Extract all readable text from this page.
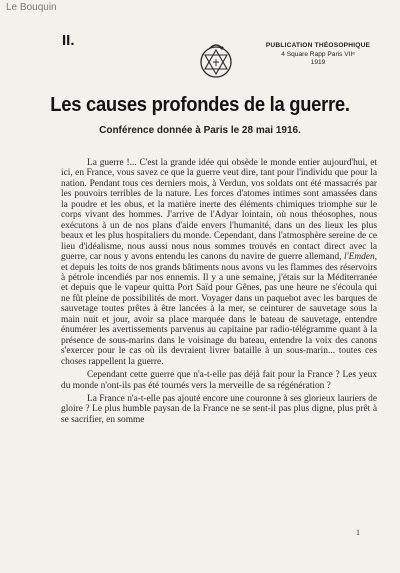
Le Bouquin
II.	PUBLICATION THÉOSOPHIQUE
4 Square Rapp Paris VIIᵉ
1919
Les causes profondes de la guerre.
Conférence donnée à Paris le 28 mai 1916.

La guerre !... C'est la grande idée qui obsède le monde entier aujourd'hui, et ici, en France, vous savez ce que la guerre veut dire, tant pour l'individu que pour la nation. Pendant tous ces derniers mois, à Verdun, vos soldats ont été massacrés par les pouvoirs terribles de la nature. Les forces d'atomes intimes sont amassées dans la poudre et les obus, et la matière inerte des éléments chimiques triomphe sur le corps vivant des hommes. J'arrive de l'Adyar lointain, où nous théosophes, nous exécutons à un de nos plans d'aide envers l'humanité, dans un des lieux les plus beaux et les plus hospitaliers du monde. Cependant, dans l'atmosphère sereine de ce lieu d'idéalisme, nous aussi nous nous sommes trouvés en contact direct avec la guerre, car nous y avons entendu les canons du navire de guerre allemand, l'Emden, et depuis les toits de nos grands bâtiments nous avons vu les flammes des réservoirs à pétrole incendiés par nos ennemis. Il y a une semaine, j'étais sur la Méditerranée et depuis que le vapeur quitta Port Saïd pour Gênes, pas une heure ne s'écoula qui ne fût pleine de possibilités de mort. Voyager dans un paquebot avec les barques de sauvetage toutes prêtes à être lancées à la mer, se ceinturer de sauvetage sous la main nuit et jour, avoir sa place marquée dans le bateau de sauvetage, entendre énumérer les avertissements parvenus au capitaine par radio-télégramme quant à la présence de sous-marins dans le voisinage du bateau, entendre la voix des canons s'exercer pour le cas où ils devraient livrer bataille à un sous-marin... toutes ces choses rappellent la guerre.

Cependant cette guerre que n'a-t-elle pas déjà fait pour la France ? Les yeux du monde n'ont-ils pas été tournés vers la merveille de sa régénération ?

La France n'a-t-elle pas ajouté encore une couronne à ses glorieux lauriers de gloire ? Le plus humble paysan de la France ne se sent-il pas plus digne, plus prêt à se sacrifier, en somme

1
